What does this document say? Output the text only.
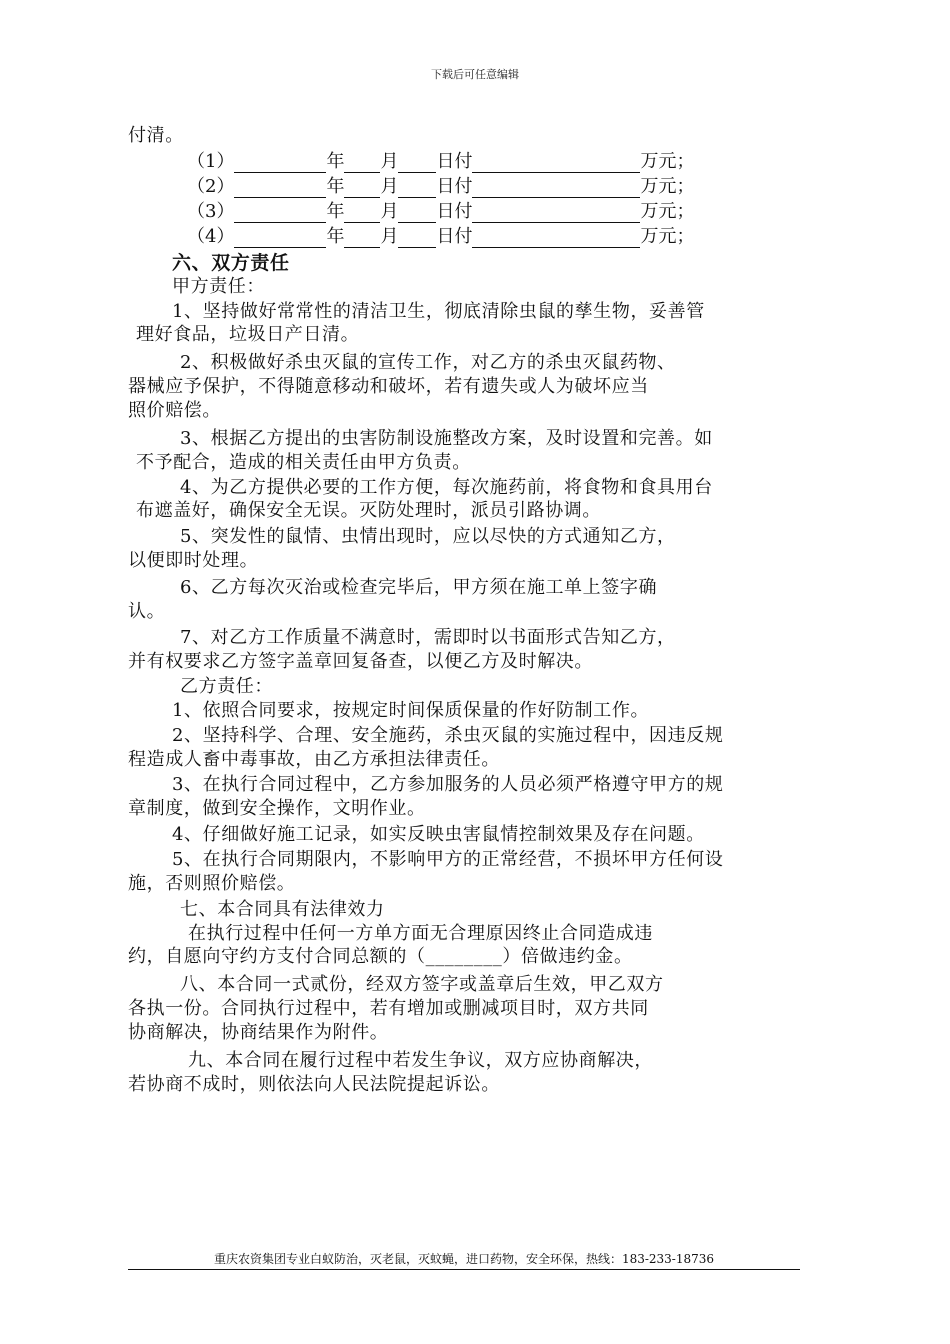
下载后可任意编辑
付清。
（1）	年 月 日付	万元；
（2）	年 月 日付	万元；
（3）	年 月 日付	万元；
（4）	年 月 日付	万元；
六、双方责任
甲方责任：
1、坚持做好常常性的清洁卫生，彻底清除虫鼠的孳生物，妥善管
理好食品，垃圾日产日清。
2、积极做好杀虫灭鼠的宣传工作，对乙方的杀虫灭鼠药物、
器械应予保护，不得随意移动和破坏，若有遗失或人为破坏应当
照价赔偿。
3、根据乙方提出的虫害防制设施整改方案，及时设置和完善。如
不予配合，造成的相关责任由甲方负责。
4、为乙方提供必要的工作方便，每次施药前，将食物和食具用台
布遮盖好，确保安全无误。灭防处理时，派员引路协调。
5、突发性的鼠情、虫情出现时，应以尽快的方式通知乙方，
以便即时处理。
6、乙方每次灭治或检查完毕后，甲方须在施工单上签字确
认。
7、对乙方工作质量不满意时，需即时以书面形式告知乙方，
并有权要求乙方签字盖章回复备查，以便乙方及时解决。
乙方责任：
1、依照合同要求，按规定时间保质保量的作好防制工作。
2、坚持科学、合理、安全施药，杀虫灭鼠的实施过程中，因违反规
程造成人畜中毒事故，由乙方承担法律责任。
3、在执行合同过程中，乙方参加服务的人员必须严格遵守甲方的规
章制度，做到安全操作，文明作业。
4、仔细做好施工记录，如实反映虫害鼠情控制效果及存在问题。
5、在执行合同期限内，不影响甲方的正常经营，不损坏甲方任何设
施，否则照价赔偿。
七、本合同具有法律效力
在执行过程中任何一方单方面无合理原因终止合同造成违
约，自愿向守约方支付合同总额的（________）倍做违约金。
八、本合同一式贰份，经双方签字或盖章后生效，甲乙双方
各执一份。合同执行过程中，若有增加或删减项目时，双方共同
协商解决，协商结果作为附件。
九、本合同在履行过程中若发生争议，双方应协商解决，
若协商不成时，则依法向人民法院提起诉讼。
重庆农资集团专业白蚁防治，灭老鼠，灭蚊蝇，进口药物，安全环保，热线：183-233-18736
